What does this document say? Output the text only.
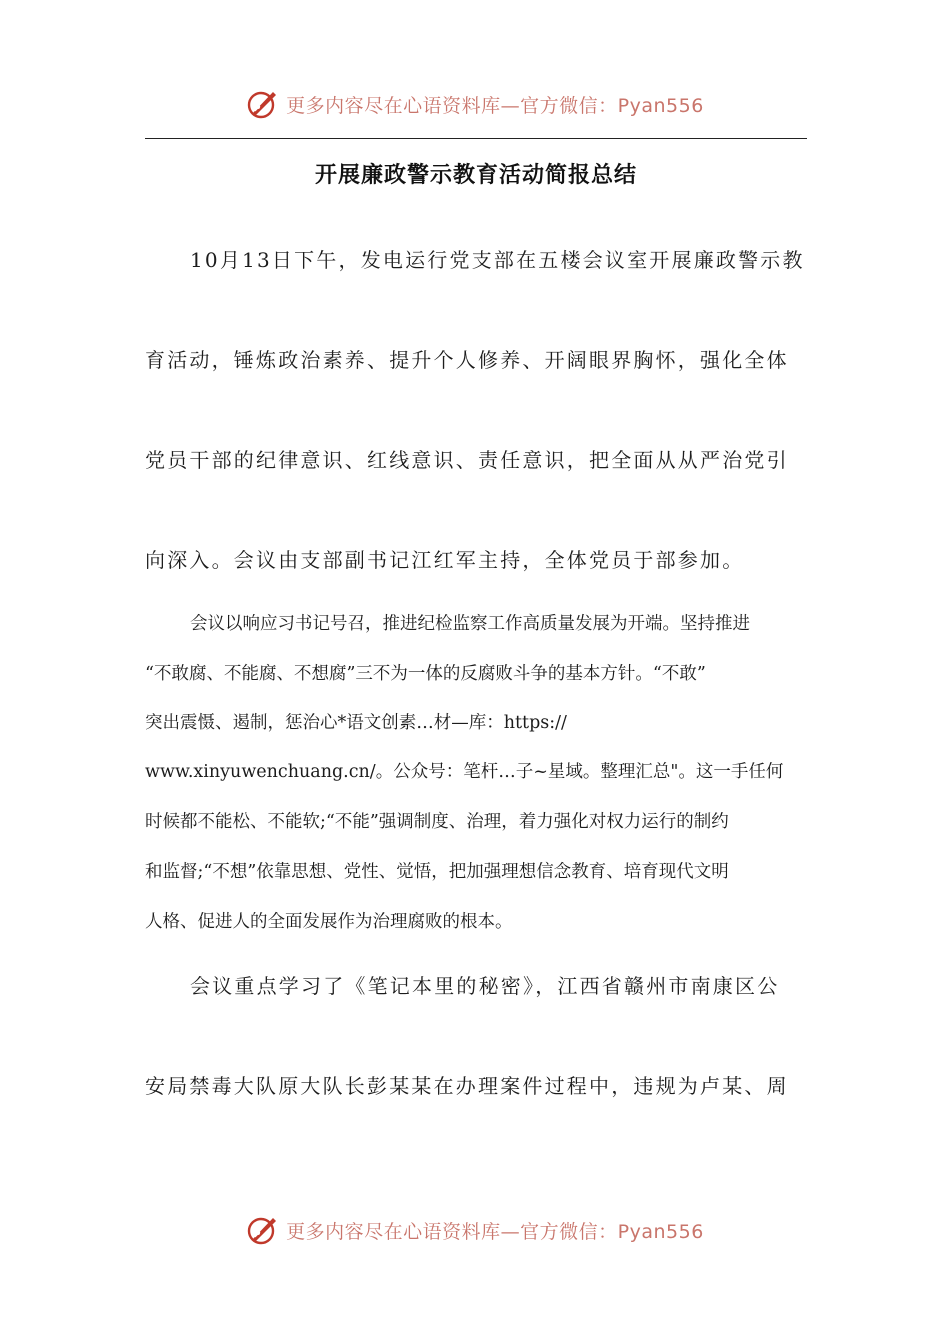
更多内容尽在心语资料库—官方微信：Pyan556
开展廉政警示教育活动简报总结

10月13日下午，发电运行党支部在五楼会议室开展廉政警示教

育活动，锤炼政治素养、提升个人修养、开阔眼界胸怀，强化全体

党员干部的纪律意识、红线意识、责任意识，把全面从从严治党引

向深入。会议由支部副书记江红军主持，全体党员于部参加。

会议以响应习书记号召，推进纪检监察工作高质量发展为开端。坚持推进

“不敢腐、不能腐、不想腐”三不为一体的反腐败斗争的基本方针。“不敢”

突出震慑、遏制，惩治心*语文创素…材—库：https://

www.xinyuwenchuang.cn/。公众号：笔杆…子~星域。整理汇总"。这一手任何

时候都不能松、不能软;“不能”强调制度、治理，着力强化对权力运行的制约

和监督;“不想”依靠思想、党性、觉悟，把加强理想信念教育、培育现代文明

人格、促进人的全面发展作为治理腐败的根本。

会议重点学习了《笔记本里的秘密》，江西省赣州市南康区公

安局禁毒大队原大队长彭某某在办理案件过程中，违规为卢某、周

更多内容尽在心语资料库—官方微信：Pyan556
